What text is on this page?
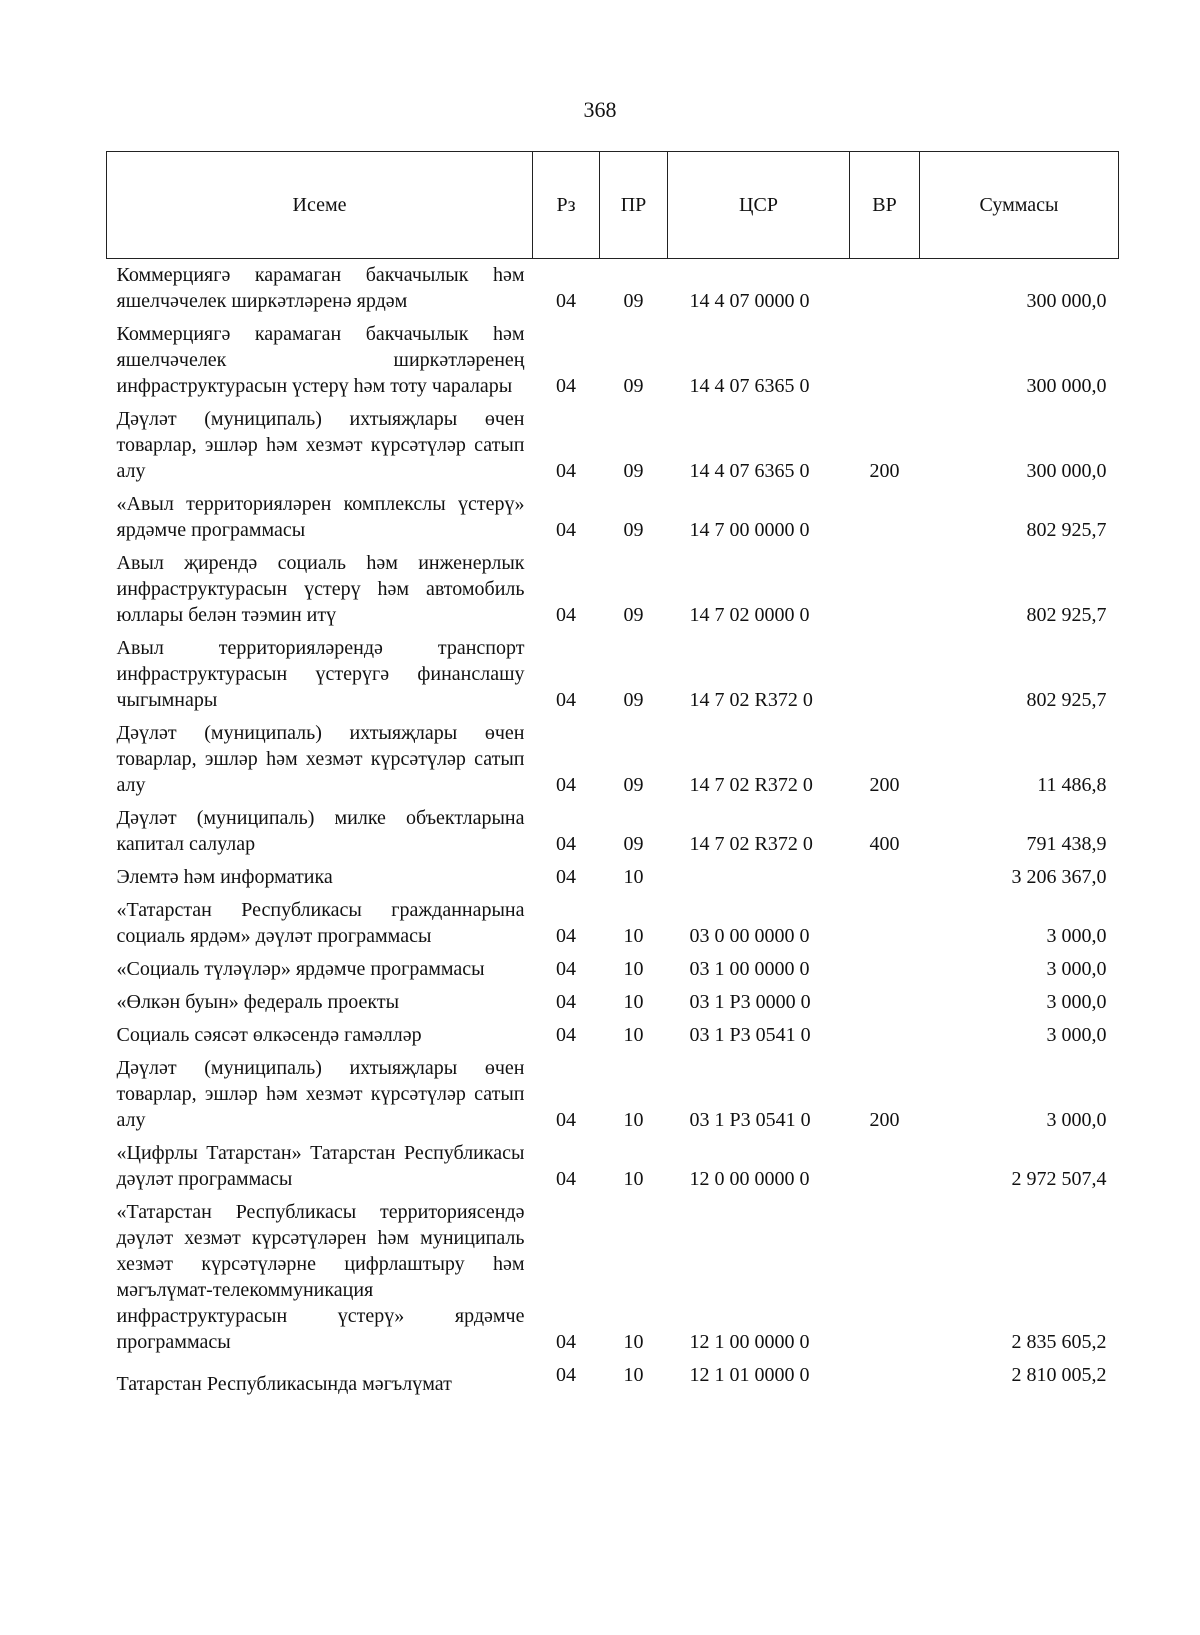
368
Исеме	Рз	ПР	ЦСР	ВР	Суммасы
Коммерциягә карамаган бакчачылык һәм яшелчәчелек ширкәтләренә ярдәм	04	09	14 4 07 0000 0		300 000,0
Коммерциягә карамаган бакчачылык һәм яшелчәчелек ширкәтләренең инфраструктурасын үстерү һәм тоту чаралары	04	09	14 4 07 6365 0		300 000,0
Дәүләт (муниципаль) ихтыяҗлары өчен товарлар, эшләр һәм хезмәт күрсәтүләр сатып алу	04	09	14 4 07 6365 0	200	300 000,0
«Авыл территорияләрен комплекслы үстерү» ярдәмче программасы	04	09	14 7 00 0000 0		802 925,7
Авыл җирендә социаль һәм инженерлык инфраструктурасын үстерү һәм автомобиль юллары белән тәэмин итү	04	09	14 7 02 0000 0		802 925,7
Авыл территорияләрендә транспорт инфраструктурасын үстерүгә финанслашу чыгымнары	04	09	14 7 02 R372 0		802 925,7
Дәүләт (муниципаль) ихтыяҗлары өчен товарлар, эшләр һәм хезмәт күрсәтүләр сатып алу	04	09	14 7 02 R372 0	200	11 486,8
Дәүләт (муниципаль) милке объектларына капитал салулар	04	09	14 7 02 R372 0	400	791 438,9
Элемтә һәм информатика	04	10			3 206 367,0
«Татарстан Республикасы гражданнарына социаль ярдәм» дәүләт программасы	04	10	03 0 00 0000 0		3 000,0
«Социаль түләүләр» ярдәмче программасы	04	10	03 1 00 0000 0		3 000,0
«Өлкән буын» федераль проекты	04	10	03 1 Р3 0000 0		3 000,0
Социаль сәясәт өлкәсендә гамәлләр	04	10	03 1 Р3 0541 0		3 000,0
Дәүләт (муниципаль) ихтыяҗлары өчен товарлар, эшләр һәм хезмәт күрсәтүләр сатып алу	04	10	03 1 Р3 0541 0	200	3 000,0
«Цифрлы Татарстан» Татарстан Республикасы дәүләт программасы	04	10	12 0 00 0000 0		2 972 507,4
«Татарстан Республикасы территориясендә дәүләт хезмәт күрсәтүләрен һәм муниципаль хезмәт күрсәтүләрне цифрлаштыру һәм мәгълүмат-телекоммуникация инфраструктурасын үстерү» ярдәмче программасы	04	10	12 1 00 0000 0		2 835 605,2
Татарстан Республикасында мәгълүмат	04	10	12 1 01 0000 0		2 810 005,2
